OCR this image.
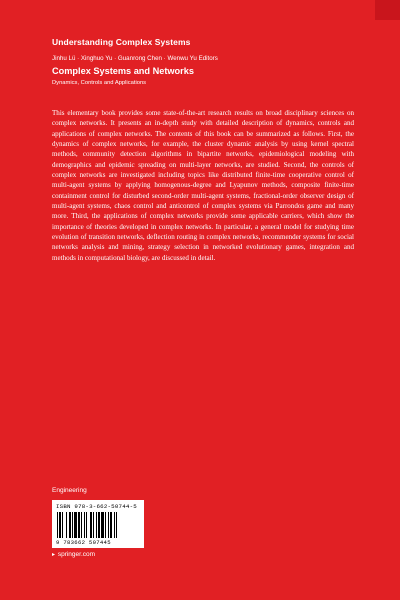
Understanding Complex Systems
Jinhu Lü · Xinghuo Yu · Guanrong Chen · Wenwu Yu Editors
Complex Systems and Networks
Dynamics, Controls and Applications

This elementary book provides some state-of-the-art research results on broad disciplinary sciences on complex networks. It presents an in-depth study with detailed description of dynamics, controls and applications of complex networks. The contents of this book can be summarized as follows. First, the dynamics of complex networks, for example, the cluster dynamic analysis by using kernel spectral methods, community detection algorithms in bipartite networks, epidemiological modeling with demographics and epidemic spreading on multi-layer networks, are studied. Second, the controls of complex networks are investigated including topics like distributed finite-time cooperative control of multi-agent systems by applying homogenous-degree and Lyapunov methods, composite finite-time containment control for disturbed second-order multi-agent systems, fractional-order observer design of multi-agent systems, chaos control and anticontrol of complex systems via Parrondos game and many more. Third, the applications of complex networks provide some applicable carriers, which show the importance of theories developed in complex networks. In particular, a general model for studying time evolution of transition networks, deflection routing in complex networks, recommender systems for social networks analysis and mining, strategy selection in networked evolutionary games, integration and methods in computational biology, are discussed in detail.

Engineering
ISBN 978-3-662-50744-5
9 783662 507445
▸ springer.com
